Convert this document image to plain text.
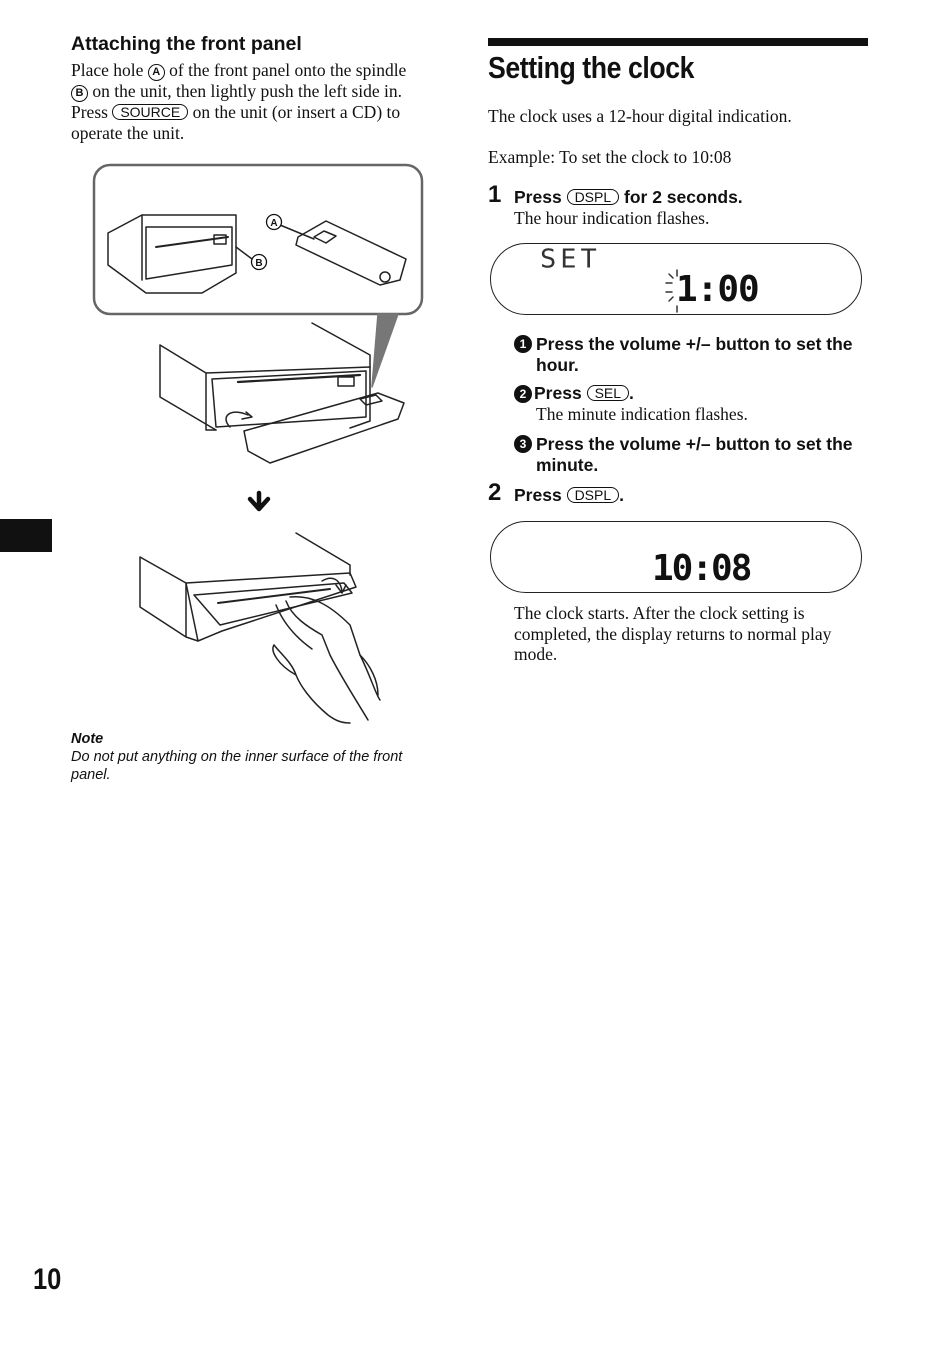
Attaching the front panel
Place hole A of the front panel onto the spindle
B on the unit, then lightly push the left side in.
Press SOURCE on the unit (or insert a CD) to
operate the unit.
A
B
Note
Do not put anything on the inner surface of the front panel.
Setting the clock
The clock uses a 12-hour digital indication.
Example: To set the clock to 10:08
1 Press DSPL for 2 seconds.
The hour indication flashes.
SET
1:00
1 Press the volume +/– button to set the hour.
2 Press SEL .
The minute indication flashes.
3 Press the volume +/– button to set the minute.
2 Press DSPL .
10:08
The clock starts. After the clock setting is completed, the display returns to normal play mode.
10
